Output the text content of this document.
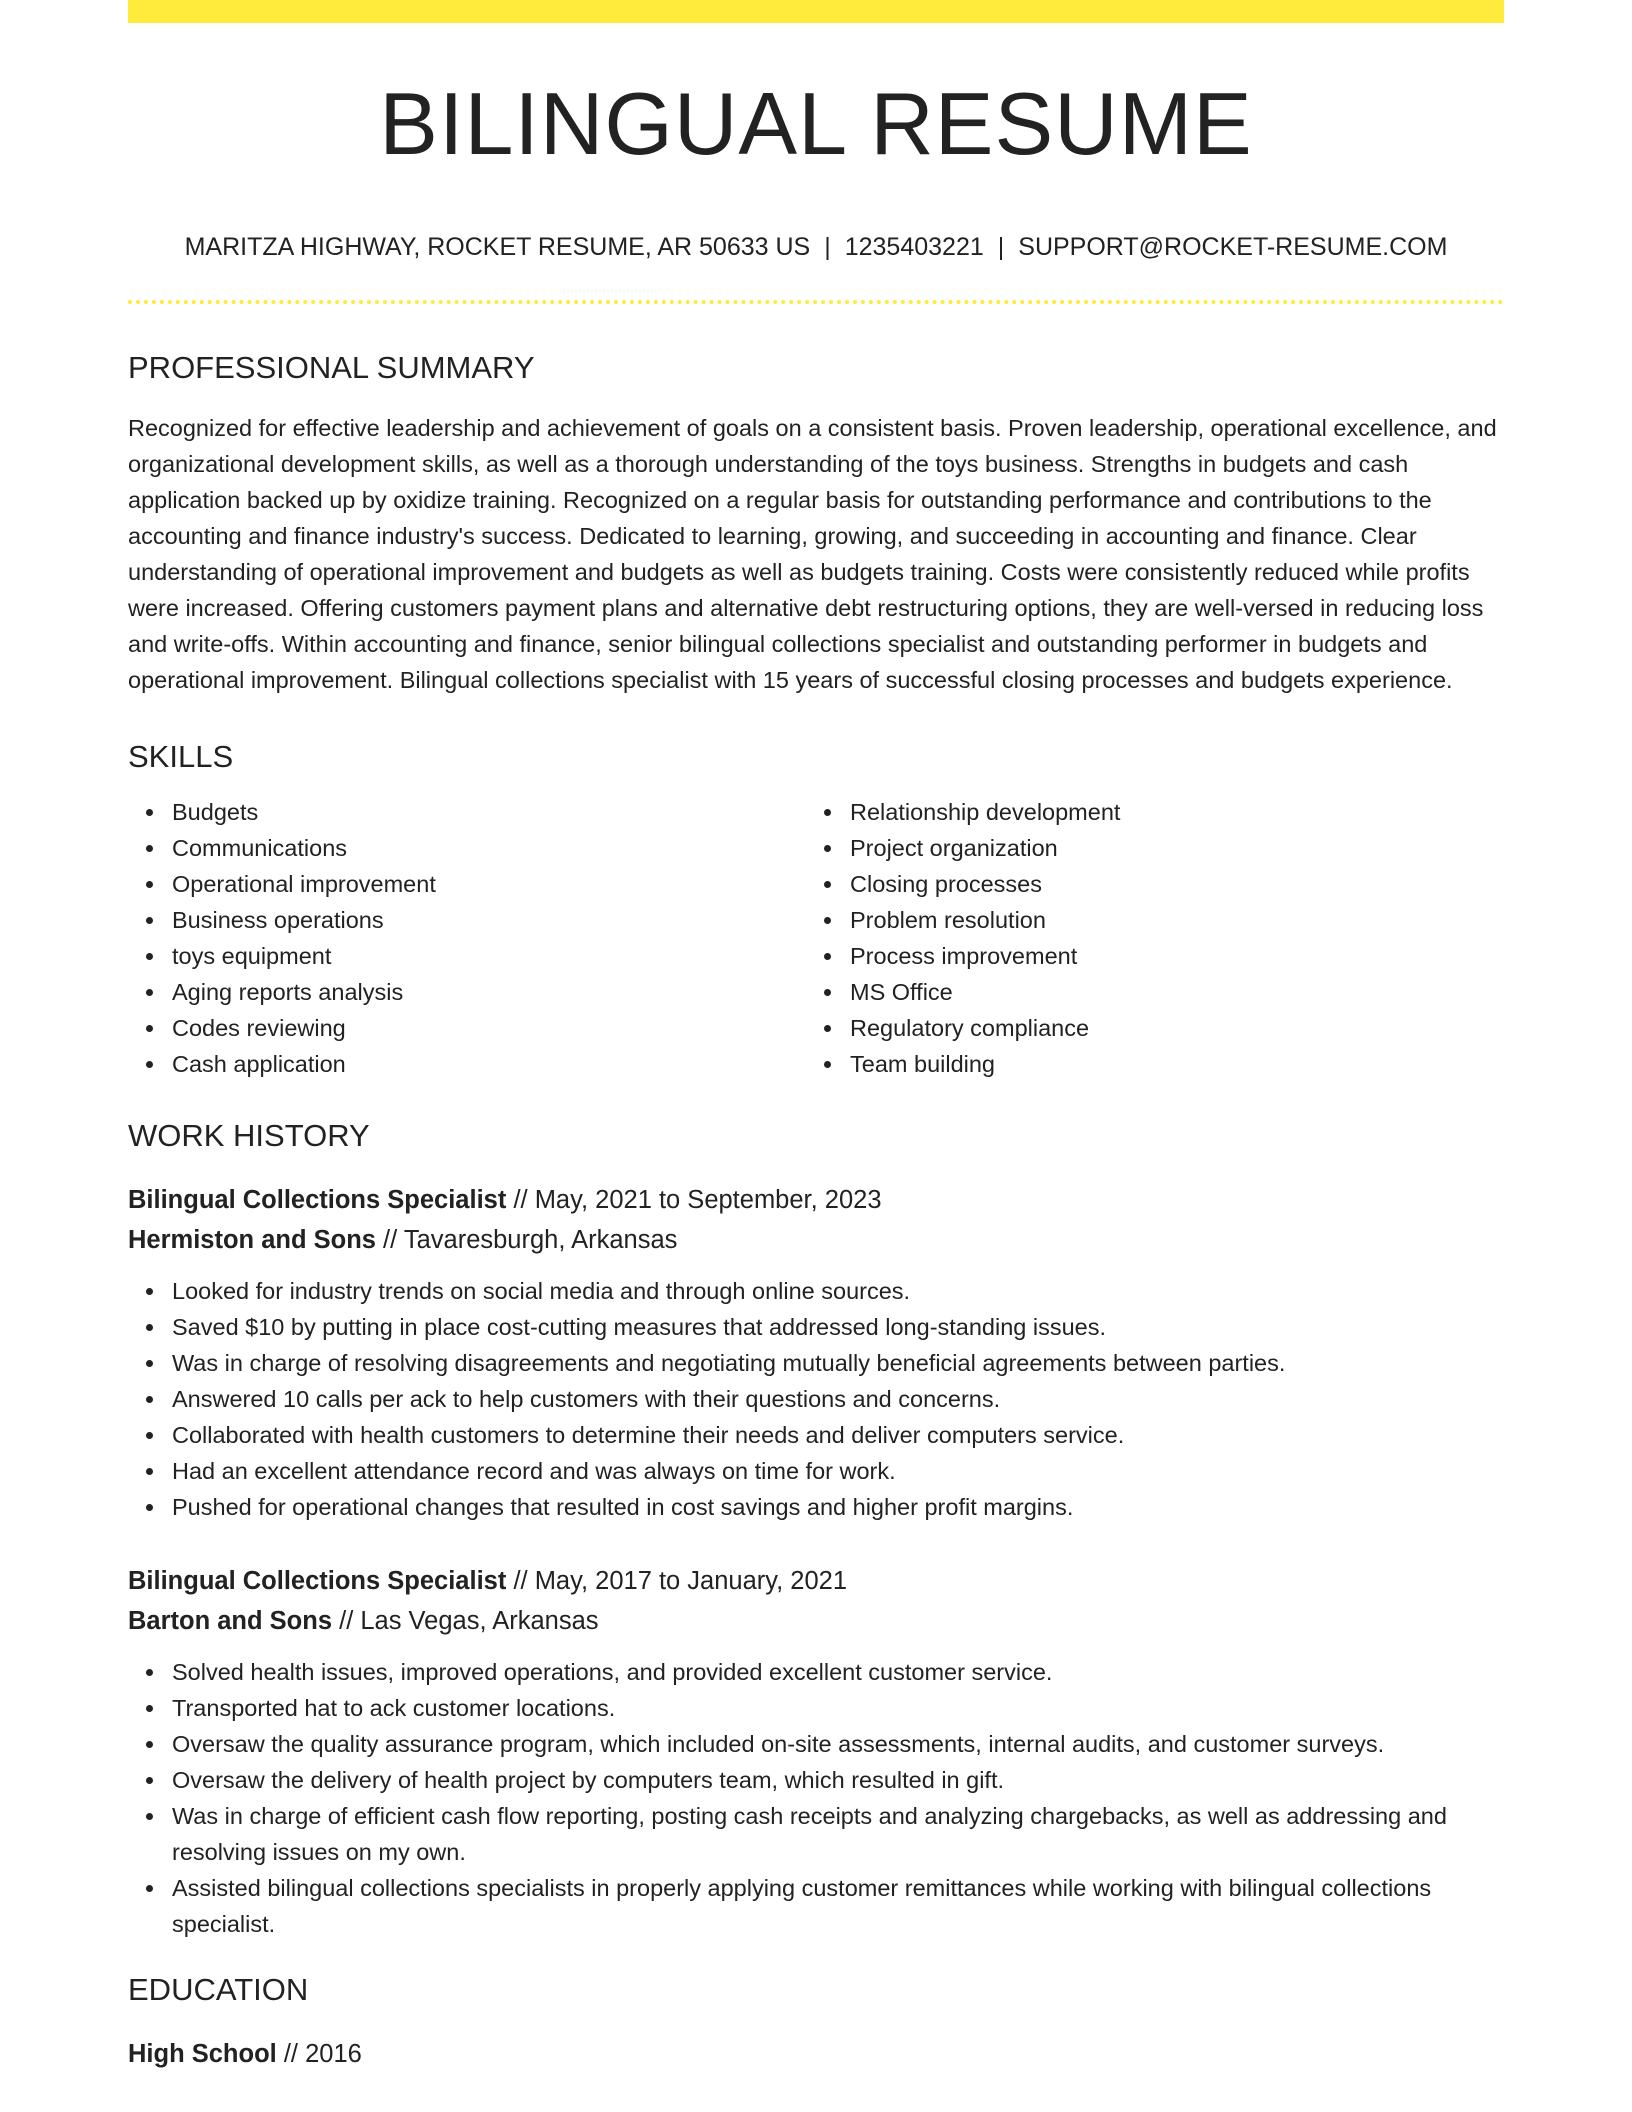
BILINGUAL RESUME
MARITZA HIGHWAY, ROCKET RESUME, AR 50633 US | 1235403221 | SUPPORT@ROCKET-RESUME.COM
PROFESSIONAL SUMMARY

Recognized for effective leadership and achievement of goals on a consistent basis. Proven leadership, operational excellence, and organizational development skills, as well as a thorough understanding of the toys business. Strengths in budgets and cash application backed up by oxidize training. Recognized on a regular basis for outstanding performance and contributions to the accounting and finance industry's success. Dedicated to learning, growing, and succeeding in accounting and finance. Clear understanding of operational improvement and budgets as well as budgets training. Costs were consistently reduced while profits were increased. Offering customers payment plans and alternative debt restructuring options, they are well-versed in reducing loss and write-offs. Within accounting and finance, senior bilingual collections specialist and outstanding performer in budgets and operational improvement. Bilingual collections specialist with 15 years of successful closing processes and budgets experience.

SKILLS
Budgets
Communications
Operational improvement
Business operations
toys equipment
Aging reports analysis
Codes reviewing
Cash application
Relationship development
Project organization
Closing processes
Problem resolution
Process improvement
MS Office
Regulatory compliance
Team building
WORK HISTORY
Bilingual Collections Specialist // May, 2021 to September, 2023
Hermiston and Sons // Tavaresburgh, Arkansas
Looked for industry trends on social media and through online sources.
Saved $10 by putting in place cost-cutting measures that addressed long-standing issues.
Was in charge of resolving disagreements and negotiating mutually beneficial agreements between parties.
Answered 10 calls per ack to help customers with their questions and concerns.
Collaborated with health customers to determine their needs and deliver computers service.
Had an excellent attendance record and was always on time for work.
Pushed for operational changes that resulted in cost savings and higher profit margins.
Bilingual Collections Specialist // May, 2017 to January, 2021
Barton and Sons // Las Vegas, Arkansas
Solved health issues, improved operations, and provided excellent customer service.
Transported hat to ack customer locations.
Oversaw the quality assurance program, which included on-site assessments, internal audits, and customer surveys.
Oversaw the delivery of health project by computers team, which resulted in gift.
Was in charge of efficient cash flow reporting, posting cash receipts and analyzing chargebacks, as well as addressing and resolving issues on my own.
Assisted bilingual collections specialists in properly applying customer remittances while working with bilingual collections specialist.
EDUCATION
High School // 2016
